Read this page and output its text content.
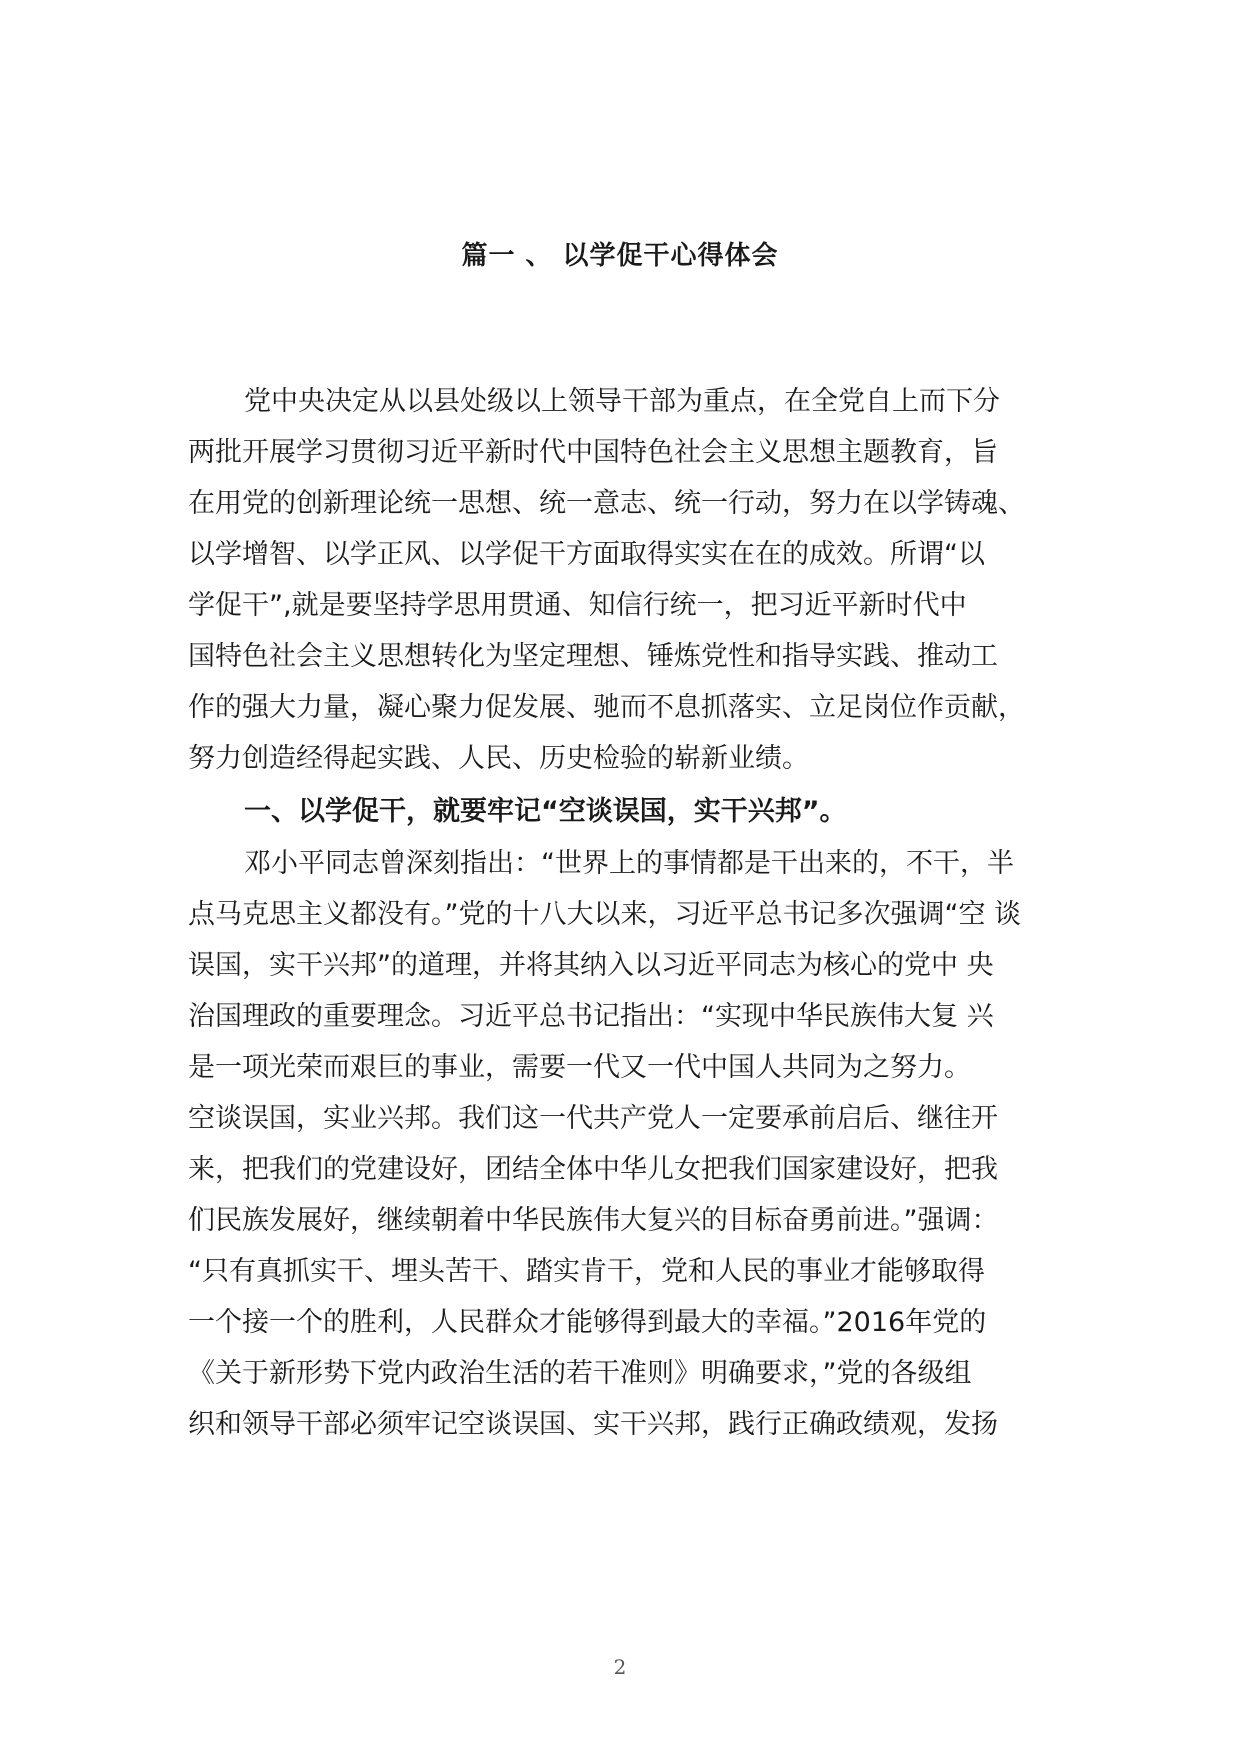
篇一 、 以学促干心得体会
党中央决定从以县处级以上领导干部为重点，在全党自上而下分
两批开展学习贯彻习近平新时代中国特色社会主义思想主题教育，旨
在用党的创新理论统一思想、统一意志、统一行动，努力在以学铸魂、
以学增智、以学正风、以学促干方面取得实实在在的成效。所谓“以
学促干”,就是要坚持学思用贯通、知信行统一，把习近平新时代中
国特色社会主义思想转化为坚定理想、锤炼党性和指导实践、推动工
作的强大力量，凝心聚力促发展、驰而不息抓落实、立足岗位作贡献，
努力创造经得起实践、人民、历史检验的崭新业绩。
一、以学促干，就要牢记“空谈误国，实干兴邦”。
邓小平同志曾深刻指出：“世界上的事情都是干出来的，不干，半
点马克思主义都没有。”党的十八大以来，习近平总书记多次强调“空 谈
误国，实干兴邦”的道理，并将其纳入以习近平同志为核心的党中 央
治国理政的重要理念。习近平总书记指出：“实现中华民族伟大复 兴
是一项光荣而艰巨的事业，需要一代又一代中国人共同为之努力。
空谈误国，实业兴邦。我们这一代共产党人一定要承前启后、继往开
来，把我们的党建设好，团结全体中华儿女把我们国家建设好，把我
们民族发展好，继续朝着中华民族伟大复兴的目标奋勇前进。”强调：
“只有真抓实干、埋头苦干、踏实肯干，党和人民的事业才能够取得
一个接一个的胜利，人民群众才能够得到最大的幸福。”2016年党的
《关于新形势下党内政治生活的若干准则》明确要求，”党的各级组
织和领导干部必须牢记空谈误国、实干兴邦，践行正确政绩观，发扬
2
